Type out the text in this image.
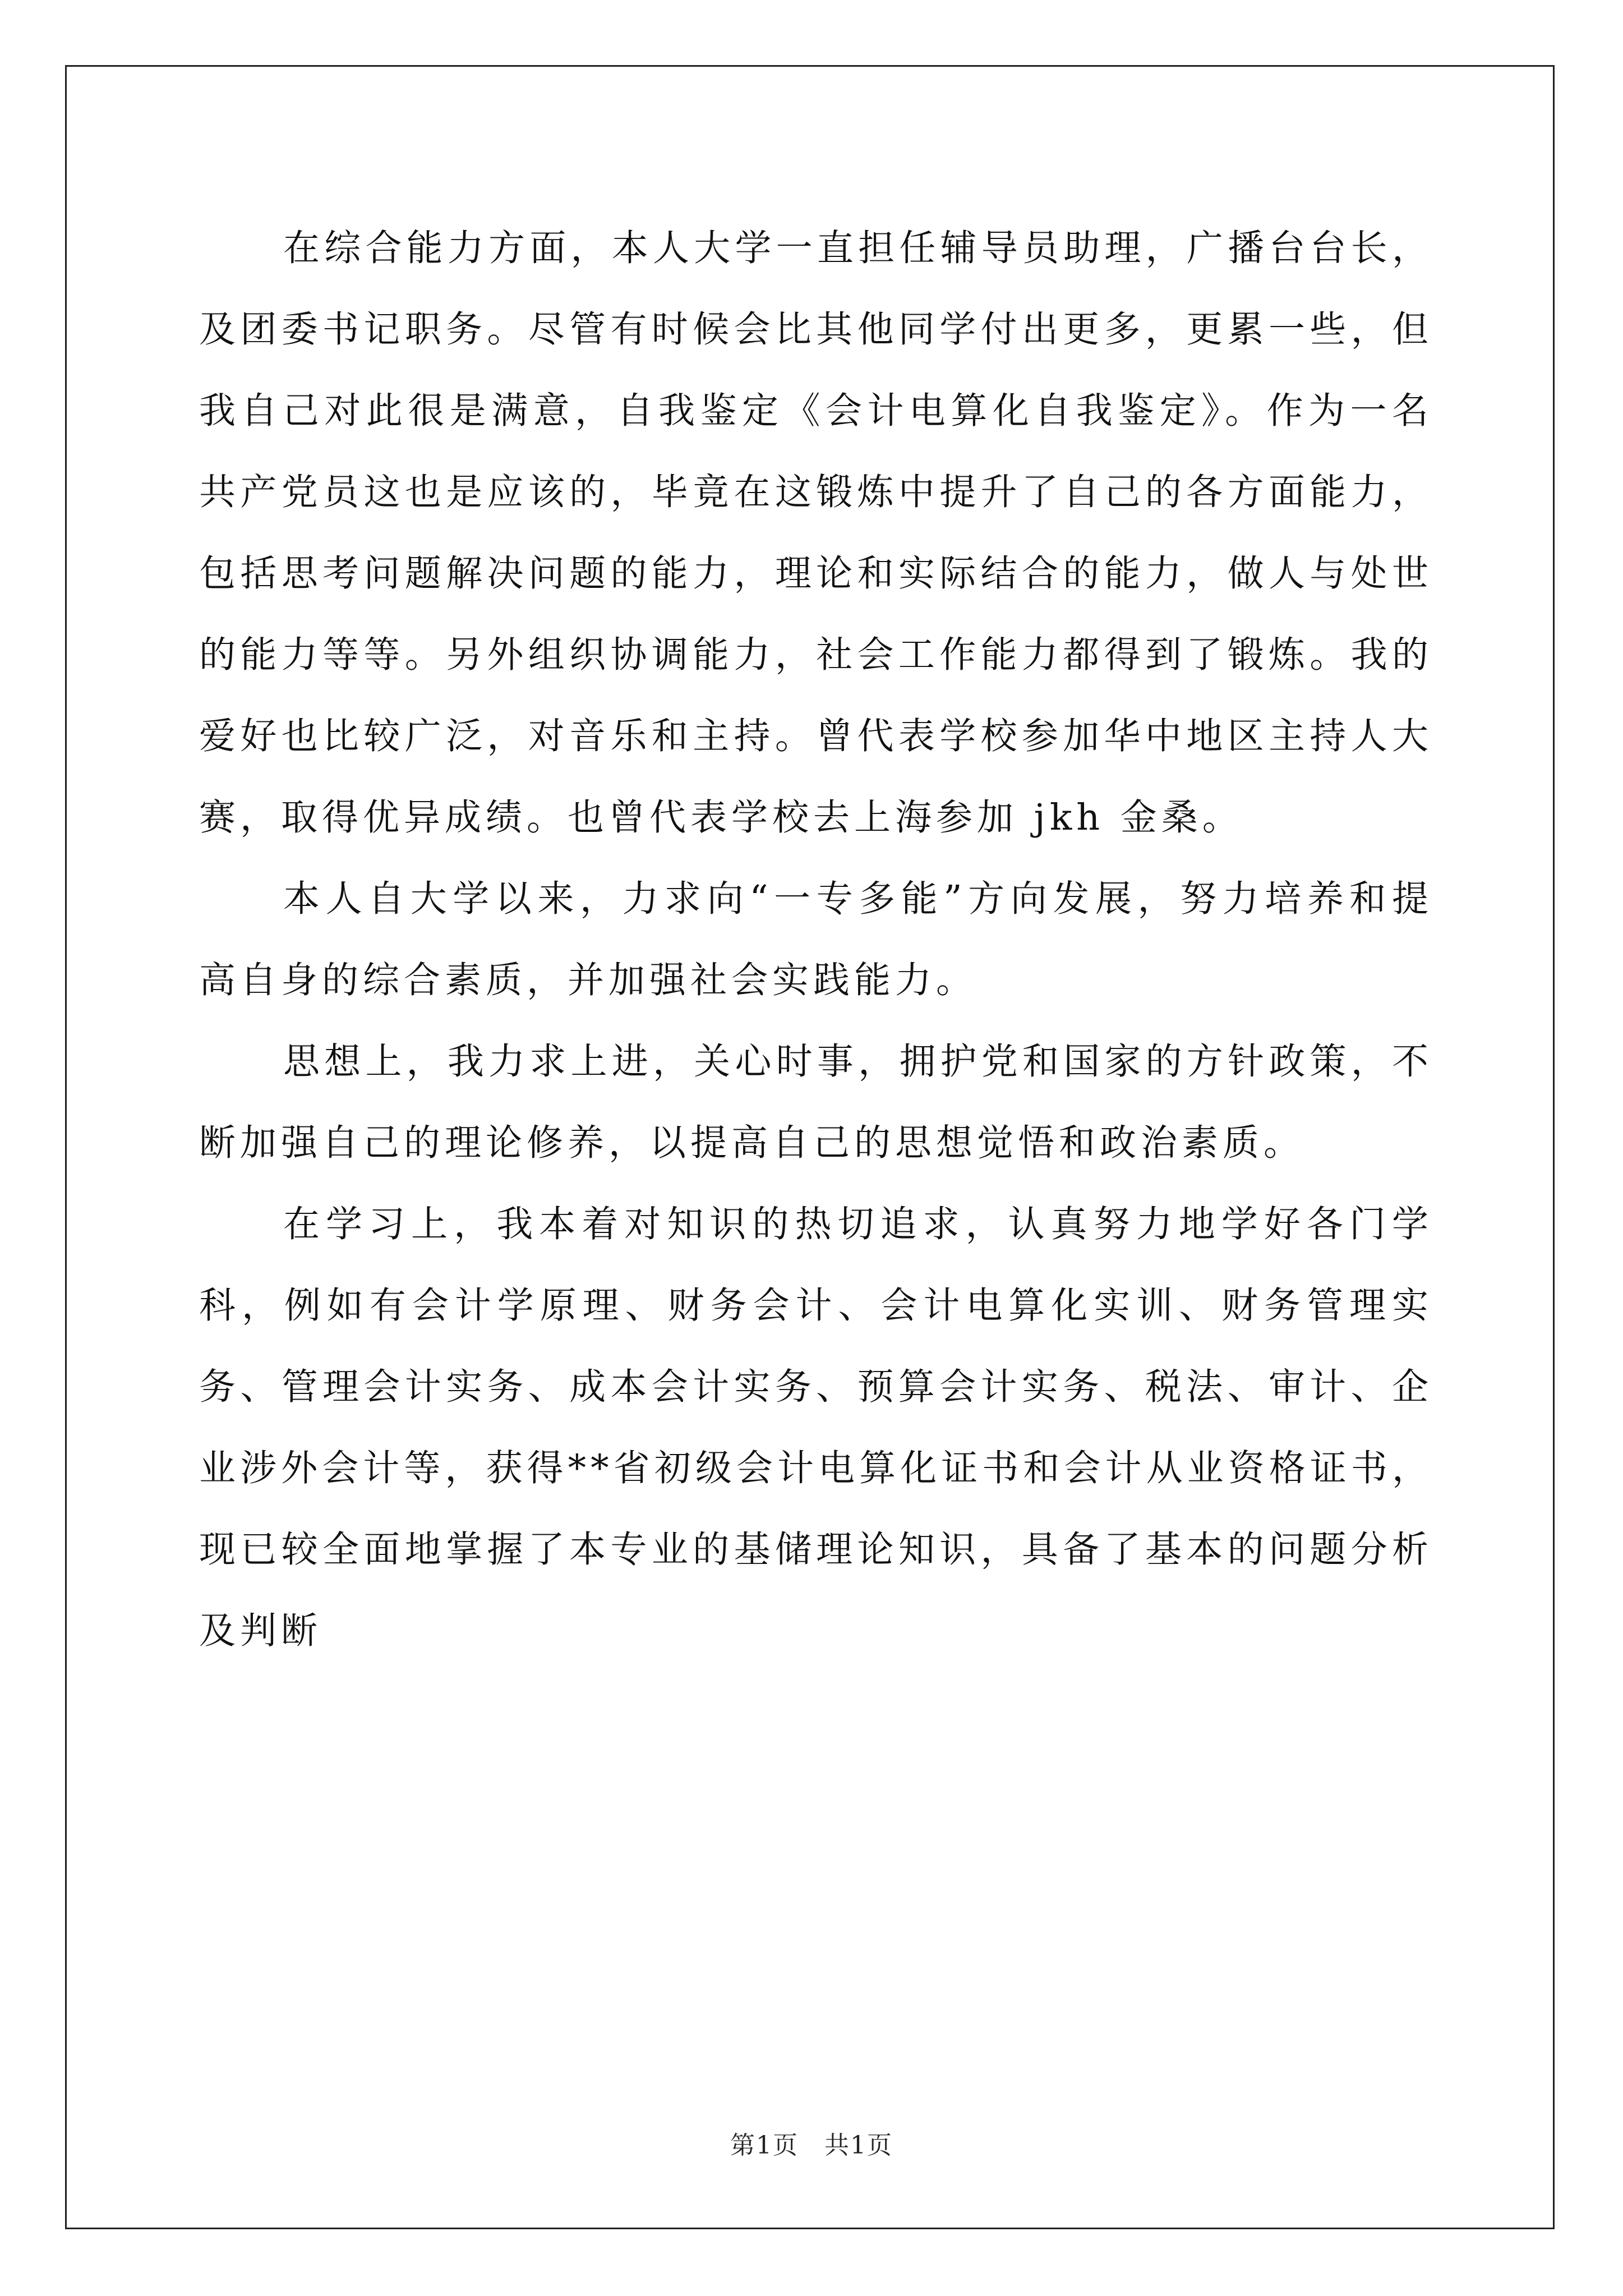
在综合能力方面，本人大学一直担任辅导员助理，广播台台长，及团委书记职务。尽管有时候会比其他同学付出更多，更累一些，但我自己对此很是满意，自我鉴定《会计电算化自我鉴定》。作为一名共产党员这也是应该的，毕竟在这锻炼中提升了自己的各方面能力，包括思考问题解决问题的能力，理论和实际结合的能力，做人与处世的能力等等。另外组织协调能力，社会工作能力都得到了锻炼。我的爱好也比较广泛，对音乐和主持。曾代表学校参加华中地区主持人大赛，取得优异成绩。也曾代表学校去上海参加 jkh 金桑。

本人自大学以来，力求向“一专多能”方向发展，努力培养和提高自身的综合素质，并加强社会实践能力。

思想上，我力求上进，关心时事，拥护党和国家的方针政策，不断加强自己的理论修养，以提高自己的思想觉悟和政治素质。

在学习上，我本着对知识的热切追求，认真努力地学好各门学科，例如有会计学原理、财务会计、会计电算化实训、财务管理实务、管理会计实务、成本会计实务、预算会计实务、税法、审计、企业涉外会计等，获得**省初级会计电算化证书和会计从业资格证书，现已较全面地掌握了本专业的基储理论知识，具备了基本的问题分析及判断

第1页　共1页
